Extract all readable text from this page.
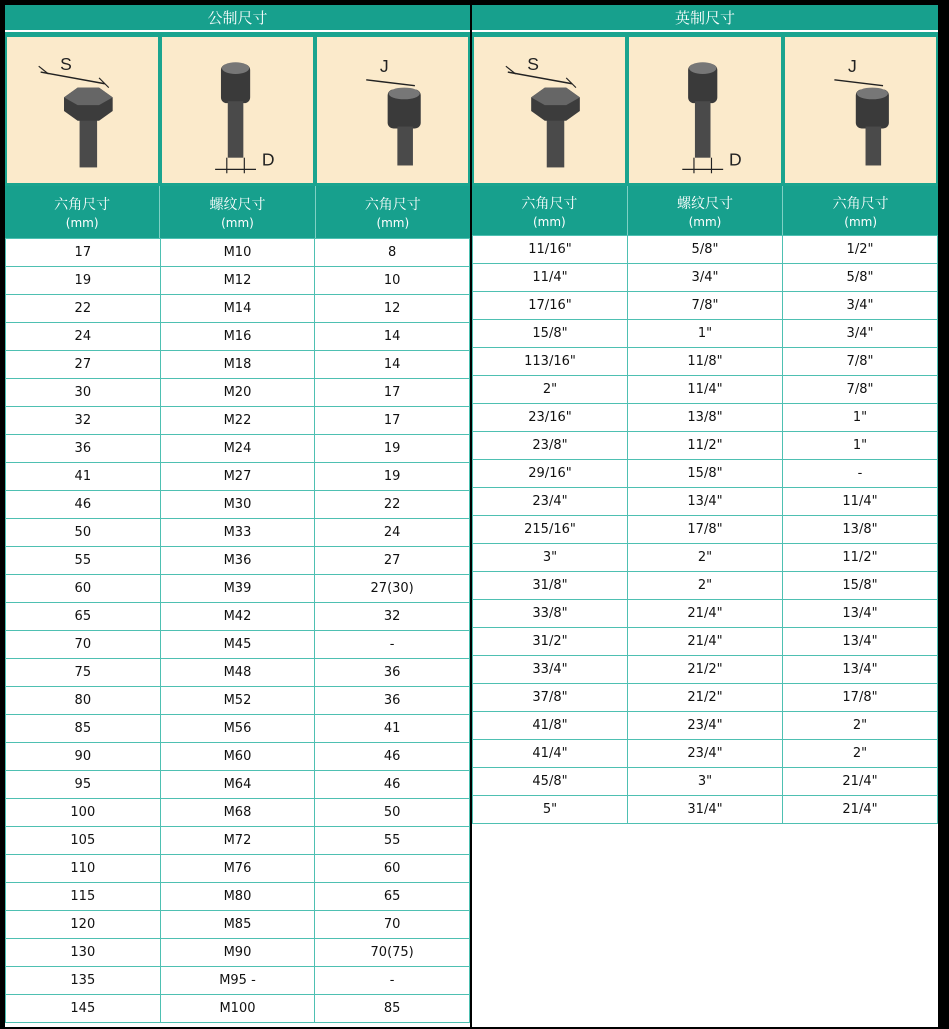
公制尺寸
S
D
J
六角尺寸
(mm)
螺纹尺寸
(mm)
六角尺寸
(mm)
17	M10	8
19	M12	10
22	M14	12
24	M16	14
27	M18	14
30	M20	17
32	M22	17
36	M24	19
41	M27	19
46	M30	22
50	M33	24
55	M36	27
60	M39	27(30)
65	M42	32
70	M45	-
75	M48	36
80	M52	36
85	M56	41
90	M60	46
95	M64	46
100	M68	50
105	M72	55
110	M76	60
115	M80	65
120	M85	70
130	M90	70(75)
135	M95 -	-
145	M100	85
英制尺寸
S
D
J
六角尺寸
(mm)
螺纹尺寸
(mm)
六角尺寸
(mm)
11/16"	5/8"	1/2"
11/4"	3/4"	5/8"
17/16"	7/8"	3/4"
15/8"	1"	3/4"
113/16"	11/8"	7/8"
2"	11/4"	7/8"
23/16"	13/8"	1"
23/8"	11/2"	1"
29/16"	15/8"	-
23/4"	13/4"	11/4"
215/16"	17/8"	13/8"
3"	2"	11/2"
31/8"	2"	15/8"
33/8"	21/4"	13/4"
31/2"	21/4"	13/4"
33/4"	21/2"	13/4"
37/8"	21/2"	17/8"
41/8"	23/4"	2"
41/4"	23/4"	2"
45/8"	3"	21/4"
5"	31/4"	21/4"
